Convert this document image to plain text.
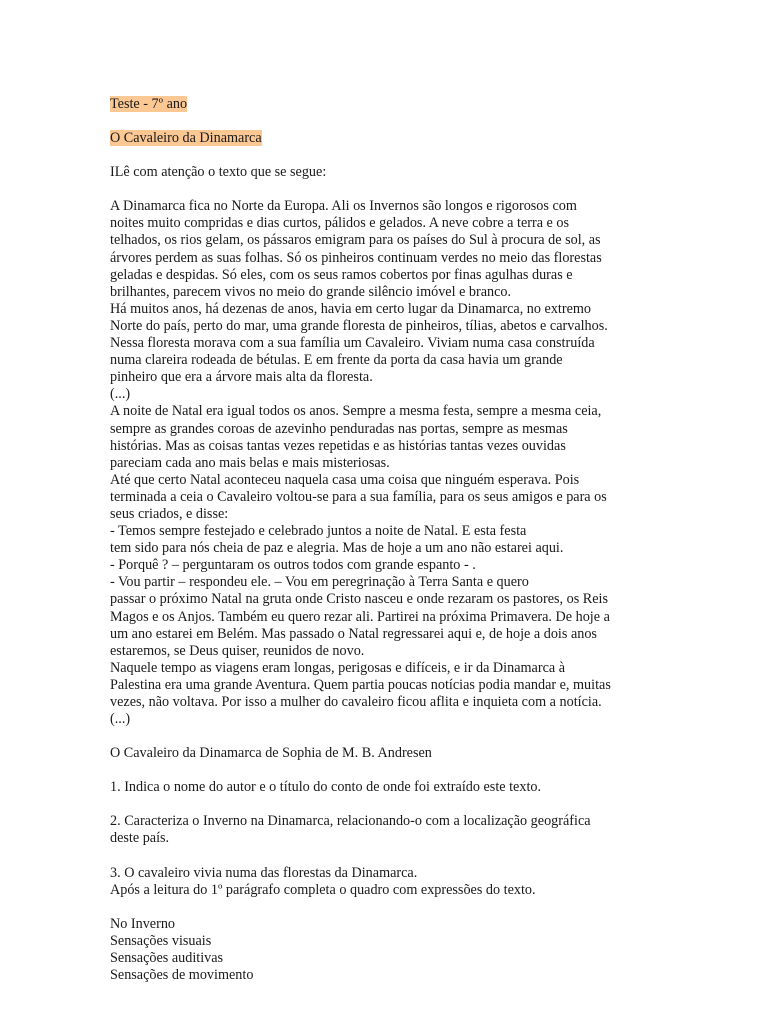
Teste - 7º ano
O Cavaleiro da Dinamarca
ILê com atenção o texto que se segue:
A Dinamarca fica no Norte da Europa. Ali os Invernos são longos e rigorosos com
noites muito compridas e dias curtos, pálidos e gelados. A neve cobre a terra e os
telhados, os rios gelam, os pássaros emigram para os países do Sul à procura de sol, as
árvores perdem as suas folhas. Só os pinheiros continuam verdes no meio das florestas
geladas e despidas. Só eles, com os seus ramos cobertos por finas agulhas duras e
brilhantes, parecem vivos no meio do grande silêncio imóvel e branco.
Há muitos anos, há dezenas de anos, havia em certo lugar da Dinamarca, no extremo
Norte do país, perto do mar, uma grande floresta de pinheiros, tílias, abetos e carvalhos.
Nessa floresta morava com a sua família um Cavaleiro. Viviam numa casa construída
numa clareira rodeada de bétulas. E em frente da porta da casa havia um grande
pinheiro que era a árvore mais alta da floresta.
(...)
A noite de Natal era igual todos os anos. Sempre a mesma festa, sempre a mesma ceia,
sempre as grandes coroas de azevinho penduradas nas portas, sempre as mesmas
histórias. Mas as coisas tantas vezes repetidas e as histórias tantas vezes ouvidas
pareciam cada ano mais belas e mais misteriosas.
Até que certo Natal aconteceu naquela casa uma coisa que ninguém esperava. Pois
terminada a ceia o Cavaleiro voltou-se para a sua família, para os seus amigos e para os
seus criados, e disse:
- Temos sempre festejado e celebrado juntos a noite de Natal. E esta festa
tem sido para nós cheia de paz e alegria. Mas de hoje a um ano não estarei aqui.
- Porquê ? – perguntaram os outros todos com grande espanto - .
- Vou partir – respondeu ele. – Vou em peregrinação à Terra Santa e quero
passar o próximo Natal na gruta onde Cristo nasceu e onde rezaram os pastores, os Reis
Magos e os Anjos. Também eu quero rezar ali. Partirei na próxima Primavera. De hoje a
um ano estarei em Belém. Mas passado o Natal regressarei aqui e, de hoje a dois anos
estaremos, se Deus quiser, reunidos de novo.
Naquele tempo as viagens eram longas, perigosas e difíceis, e ir da Dinamarca à
Palestina era uma grande Aventura. Quem partia poucas notícias podia mandar e, muitas
vezes, não voltava. Por isso a mulher do cavaleiro ficou aflita e inquieta com a notícia.
(...)
O Cavaleiro da Dinamarca de Sophia de M. B. Andresen
1. Indica o nome do autor e o título do conto de onde foi extraído este texto.
2. Caracteriza o Inverno na Dinamarca, relacionando-o com a localização geográfica
deste país.
3. O cavaleiro vivia numa das florestas da Dinamarca.
Após a leitura do 1º parágrafo completa o quadro com expressões do texto.
No Inverno
Sensações visuais
Sensações auditivas
Sensações de movimento
